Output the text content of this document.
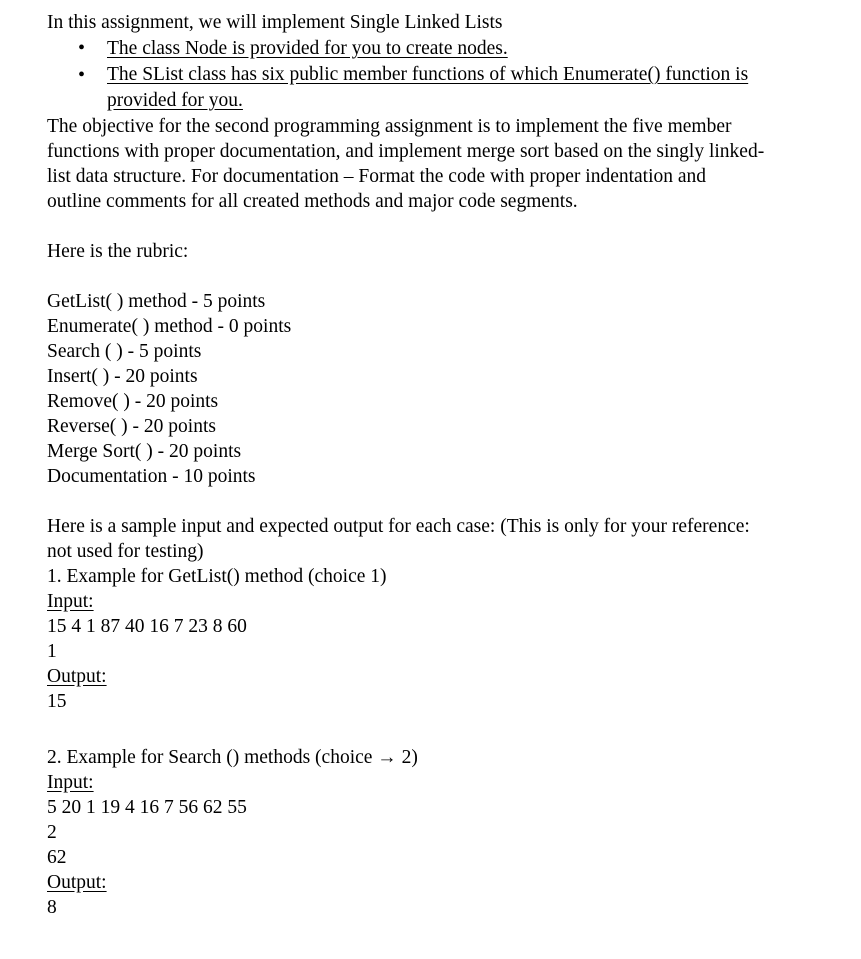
In this assignment, we will implement Single Linked Lists
• The class Node is provided for you to create nodes.
• The SList class has six public member functions of which Enumerate() function is provided for you.
The objective for the second programming assignment is to implement the five member
functions with proper documentation, and implement merge sort based on the singly linked-
list data structure. For documentation – Format the code with proper indentation and
outline comments for all created methods and major code segments.
Here is the rubric:
GetList( ) method - 5 points
Enumerate( ) method - 0 points
Search ( ) - 5 points
Insert( ) - 20 points
Remove( ) - 20 points
Reverse( ) - 20 points
Merge Sort( ) - 20 points
Documentation - 10 points
Here is a sample input and expected output for each case: (This is only for your reference:
not used for testing)
1. Example for GetList() method (choice 1)
Input:
15 4 1 87 40 16 7 23 8 60
1
Output:
15
2. Example for Search () methods (choice → 2)
Input:
5 20 1 19 4 16 7 56 62 55
2
62
Output:
8
